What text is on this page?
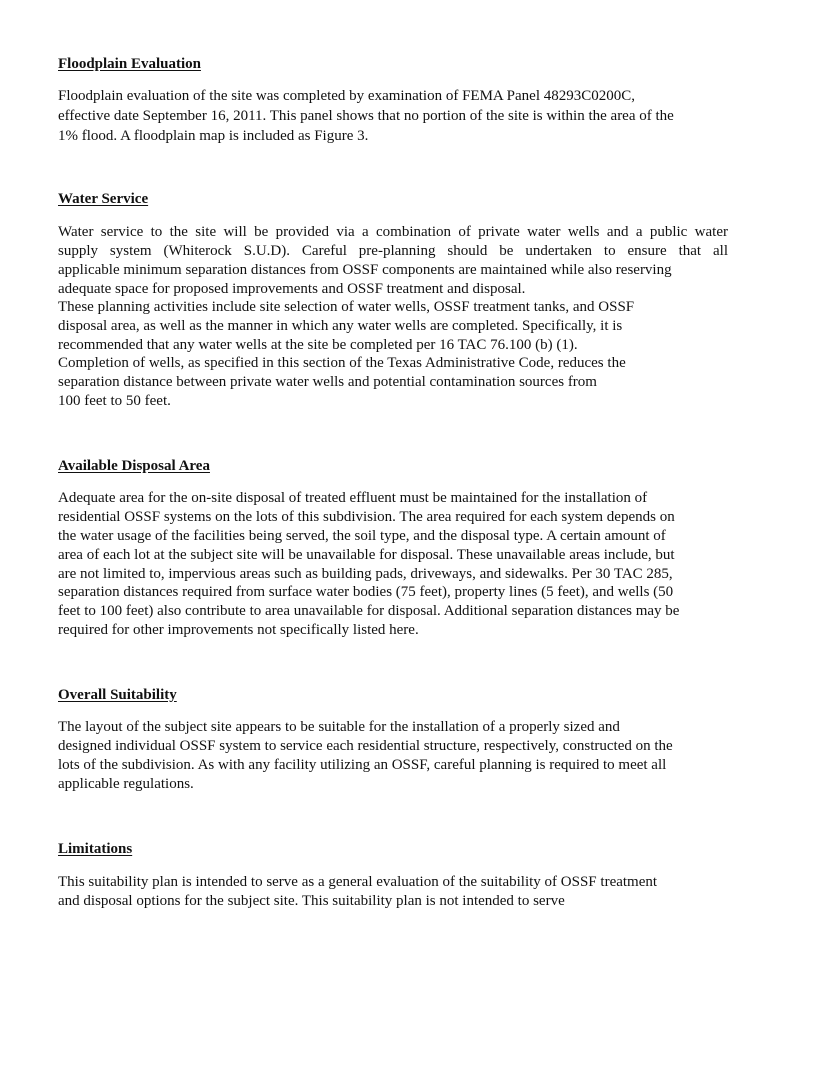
Floodplain Evaluation

Floodplain evaluation of the site was completed by examination of FEMA Panel 48293C0200C,

effective date September 16, 2011. This panel shows that no portion of the site is within the area of the

1% flood. A floodplain map is included as Figure 3.

Water Service

Water service to the site will be provided via a combination of private water wells and a public water

supply system (Whiterock S.U.D). Careful pre-planning should be undertaken to ensure that all

applicable minimum separation distances from OSSF components are maintained while also reserving

adequate space for proposed improvements and OSSF treatment and disposal.

These planning activities include site selection of water wells, OSSF treatment tanks, and OSSF

disposal area, as well as the manner in which any water wells are completed. Specifically, it is

recommended that any water wells at the site be completed per 16 TAC 76.100 (b) (1).

Completion of wells, as specified in this section of the Texas Administrative Code, reduces the

separation distance between private water wells and potential contamination sources from

100 feet to 50 feet.

Available Disposal Area

Adequate area for the on-site disposal of treated effluent must be maintained for the installation of

residential OSSF systems on the lots of this subdivision. The area required for each system depends on

the water usage of the facilities being served, the soil type, and the disposal type. A certain amount of

area of each lot at the subject site will be unavailable for disposal. These unavailable areas include, but

are not limited to, impervious areas such as building pads, driveways, and sidewalks. Per 30 TAC 285,

separation distances required from surface water bodies (75 feet), property lines (5 feet), and wells (50

feet to 100 feet) also contribute to area unavailable for disposal. Additional separation distances may be

required for other improvements not specifically listed here.

Overall Suitability

The layout of the subject site appears to be suitable for the installation of a properly sized and

designed individual OSSF system to service each residential structure, respectively, constructed on the

lots of the subdivision. As with any facility utilizing an OSSF, careful planning is required to meet all

applicable regulations.

Limitations

This suitability plan is intended to serve as a general evaluation of the suitability of OSSF treatment

and disposal options for the subject site. This suitability plan is not intended to serve
